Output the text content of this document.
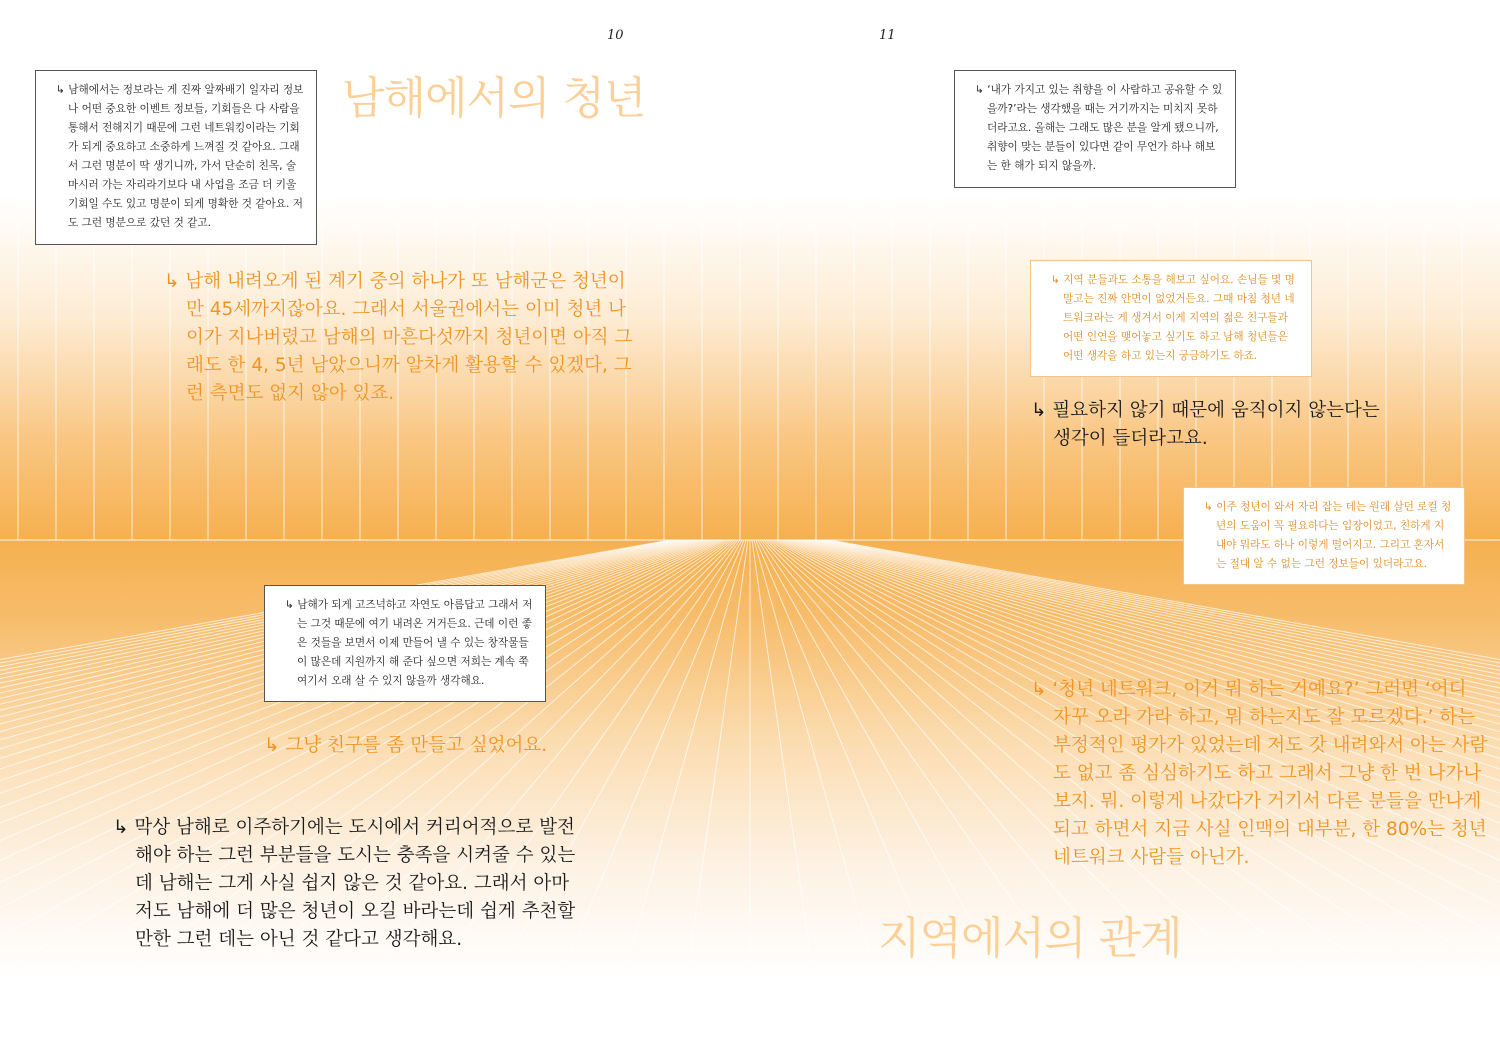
10	11
남해에서의 청년
지역에서의 관계
↳ 남해에서는 정보라는 게 진짜 알짜배기 일자리 정보나 어떤 중요한 이벤트 정보들, 기회들은 다 사람을 통해서 전해지기 때문에 그런 네트워킹이라는 기회가 되게 중요하고 소중하게 느껴질 것 같아요. 그래서 그런 명분이 딱 생기니까, 가서 단순히 친목, 술 마시러 가는 자리라기보다 내 사업을 조금 더 키울 기회일 수도 있고 명분이 되게 명확한 것 같아요. 저도 그런 명분으로 갔던 것 같고.
↳ 남해가 되게 고즈넉하고 자연도 아름답고 그래서 저는 그것 때문에 여기 내려온 거거든요. 근데 이런 좋은 것들을 보면서 이제 만들어 낼 수 있는 창작물들이 많은데 지원까지 해 준다 싶으면 저희는 계속 쭉 여기서 오래 살 수 있지 않을까 생각해요.
↳ ‘내가 가지고 있는 취향을 이 사람하고 공유할 수 있을까?’라는 생각했을 때는 거기까지는 미치지 못하더라고요. 올해는 그래도 많은 분을 알게 됐으니까, 취향이 맞는 분들이 있다면 같이 무언가 하나 해보는 한 해가 되지 않을까.
↳ 지역 분들과도 소통을 해보고 싶어요. 손님들 몇 명 말고는 진짜 안면이 없었거든요. 그때 마침 청년 네트워크라는 게 생겨서 이게 지역의 젊은 친구들과 어떤 인연을 맺어놓고 싶기도 하고 남해 청년들은 어떤 생각을 하고 있는지 궁금하기도 하죠.
↳ 이주 청년이 와서 자리 잡는 데는 원래 살던 로컬 청년의 도움이 꼭 필요하다는 입장이었고, 친하게 지내야 뭐라도 하나 이렇게 떨어지고. 그리고 혼자서는 절대 알 수 없는 그런 정보들이 있더라고요.
↳ 남해 내려오게 된 계기 중의 하나가 또 남해군은 청년이 만 45세까지잖아요. 그래서 서울권에서는 이미 청년 나이가 지나버렸고 남해의 마흔다섯까지 청년이면 아직 그래도 한 4, 5년 남았으니까 알차게 활용할 수 있겠다, 그런 측면도 없지 않아 있죠.
↳ 그냥 친구를 좀 만들고 싶었어요.
↳ 막상 남해로 이주하기에는 도시에서 커리어적으로 발전해야 하는 그런 부분들을 도시는 충족을 시켜줄 수 있는데 남해는 그게 사실 쉽지 않은 것 같아요. 그래서 아마 저도 남해에 더 많은 청년이 오길 바라는데 쉽게 추천할 만한 그런 데는 아닌 것 같다고 생각해요.
↳ 필요하지 않기 때문에 움직이지 않는다는 생각이 들더라고요.
↳ ‘청년 네트워크, 이거 뭐 하는 거예요?’ 그러면 ‘어디 자꾸 오라 가라 하고, 뭐 하는지도 잘 모르겠다.’ 하는 부정적인 평가가 있었는데 저도 갓 내려와서 아는 사람도 없고 좀 심심하기도 하고 그래서 그냥 한 번 나가나 보지. 뭐. 이렇게 나갔다가 거기서 다른 분들을 만나게 되고 하면서 지금 사실 인맥의 대부분, 한 80%는 청년 네트워크 사람들 아닌가.
